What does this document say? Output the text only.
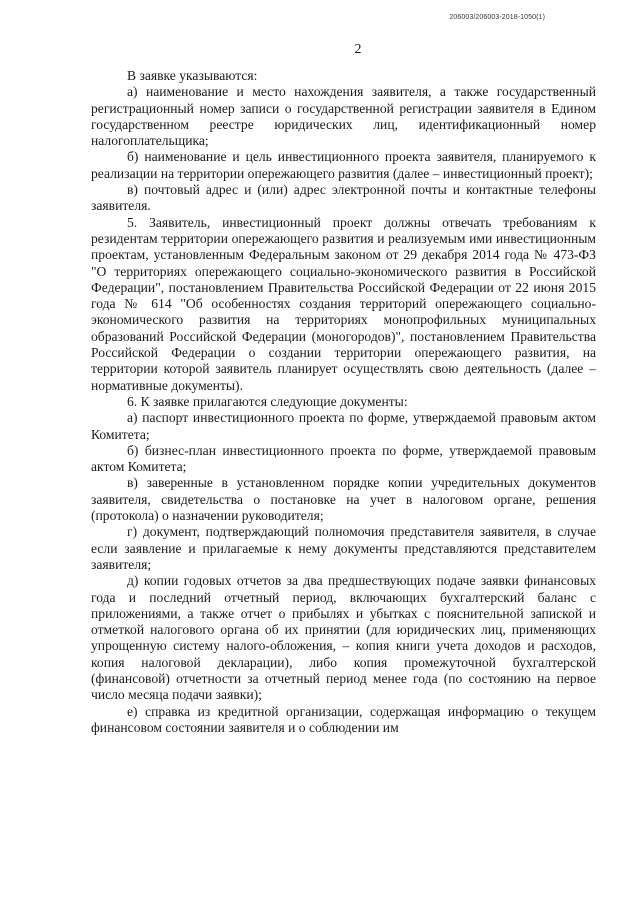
206003/206003-2018-1050(1)
2

В заявке указываются:

а) наименование и место нахождения заявителя, а также государственный регистрационный номер записи о государственной регистрации заявителя в Едином государственном реестре юридических лиц, идентификационный номер налогоплательщика;

б) наименование и цель инвестиционного проекта заявителя, планируемого к реализации на территории опережающего развития (далее – инвестиционный проект);

в) почтовый адрес и (или) адрес электронной почты и контактные телефоны заявителя.

5. Заявитель, инвестиционный проект должны отвечать требованиям к резидентам территории опережающего развития и реализуемым ими инвестиционным проектам, установленным Федеральным законом от 29 декабря 2014 года № 473-ФЗ "О территориях опережающего социально-экономического развития в Российской Федерации", постановлением Правительства Российской Федерации от 22 июня 2015 года № 614 "Об особенностях создания территорий опережающего социально-экономического развития на территориях монопрофильных муниципальных образований Российской Федерации (моногородов)", постановлением Правительства Российской Федерации о создании территории опережающего развития, на территории которой заявитель планирует осуществлять свою деятельность (далее – нормативные документы).

6. К заявке прилагаются следующие документы:

а) паспорт инвестиционного проекта по форме, утверждаемой правовым актом Комитета;

б) бизнес-план инвестиционного проекта по форме, утверждаемой правовым актом Комитета;

в) заверенные в установленном порядке копии учредительных документов заявителя, свидетельства о постановке на учет в налоговом органе, решения (протокола) о назначении руководителя;

г) документ, подтверждающий полномочия представителя заявителя, в случае если заявление и прилагаемые к нему документы представляются представителем заявителя;

д) копии годовых отчетов за два предшествующих подаче заявки финансовых года и последний отчетный период, включающих бухгалтерский баланс с приложениями, а также отчет о прибылях и убытках с пояснительной запиской и отметкой налогового органа об их принятии (для юридических лиц, применяющих упрощенную систему налого-обложения, – копия книги учета доходов и расходов, копия налоговой декларации), либо копия промежуточной бухгалтерской (финансовой) отчетности за отчетный период менее года (по состоянию на первое число месяца подачи заявки);

е) справка из кредитной организации, содержащая информацию о текущем финансовом состоянии заявителя и о соблюдении им
